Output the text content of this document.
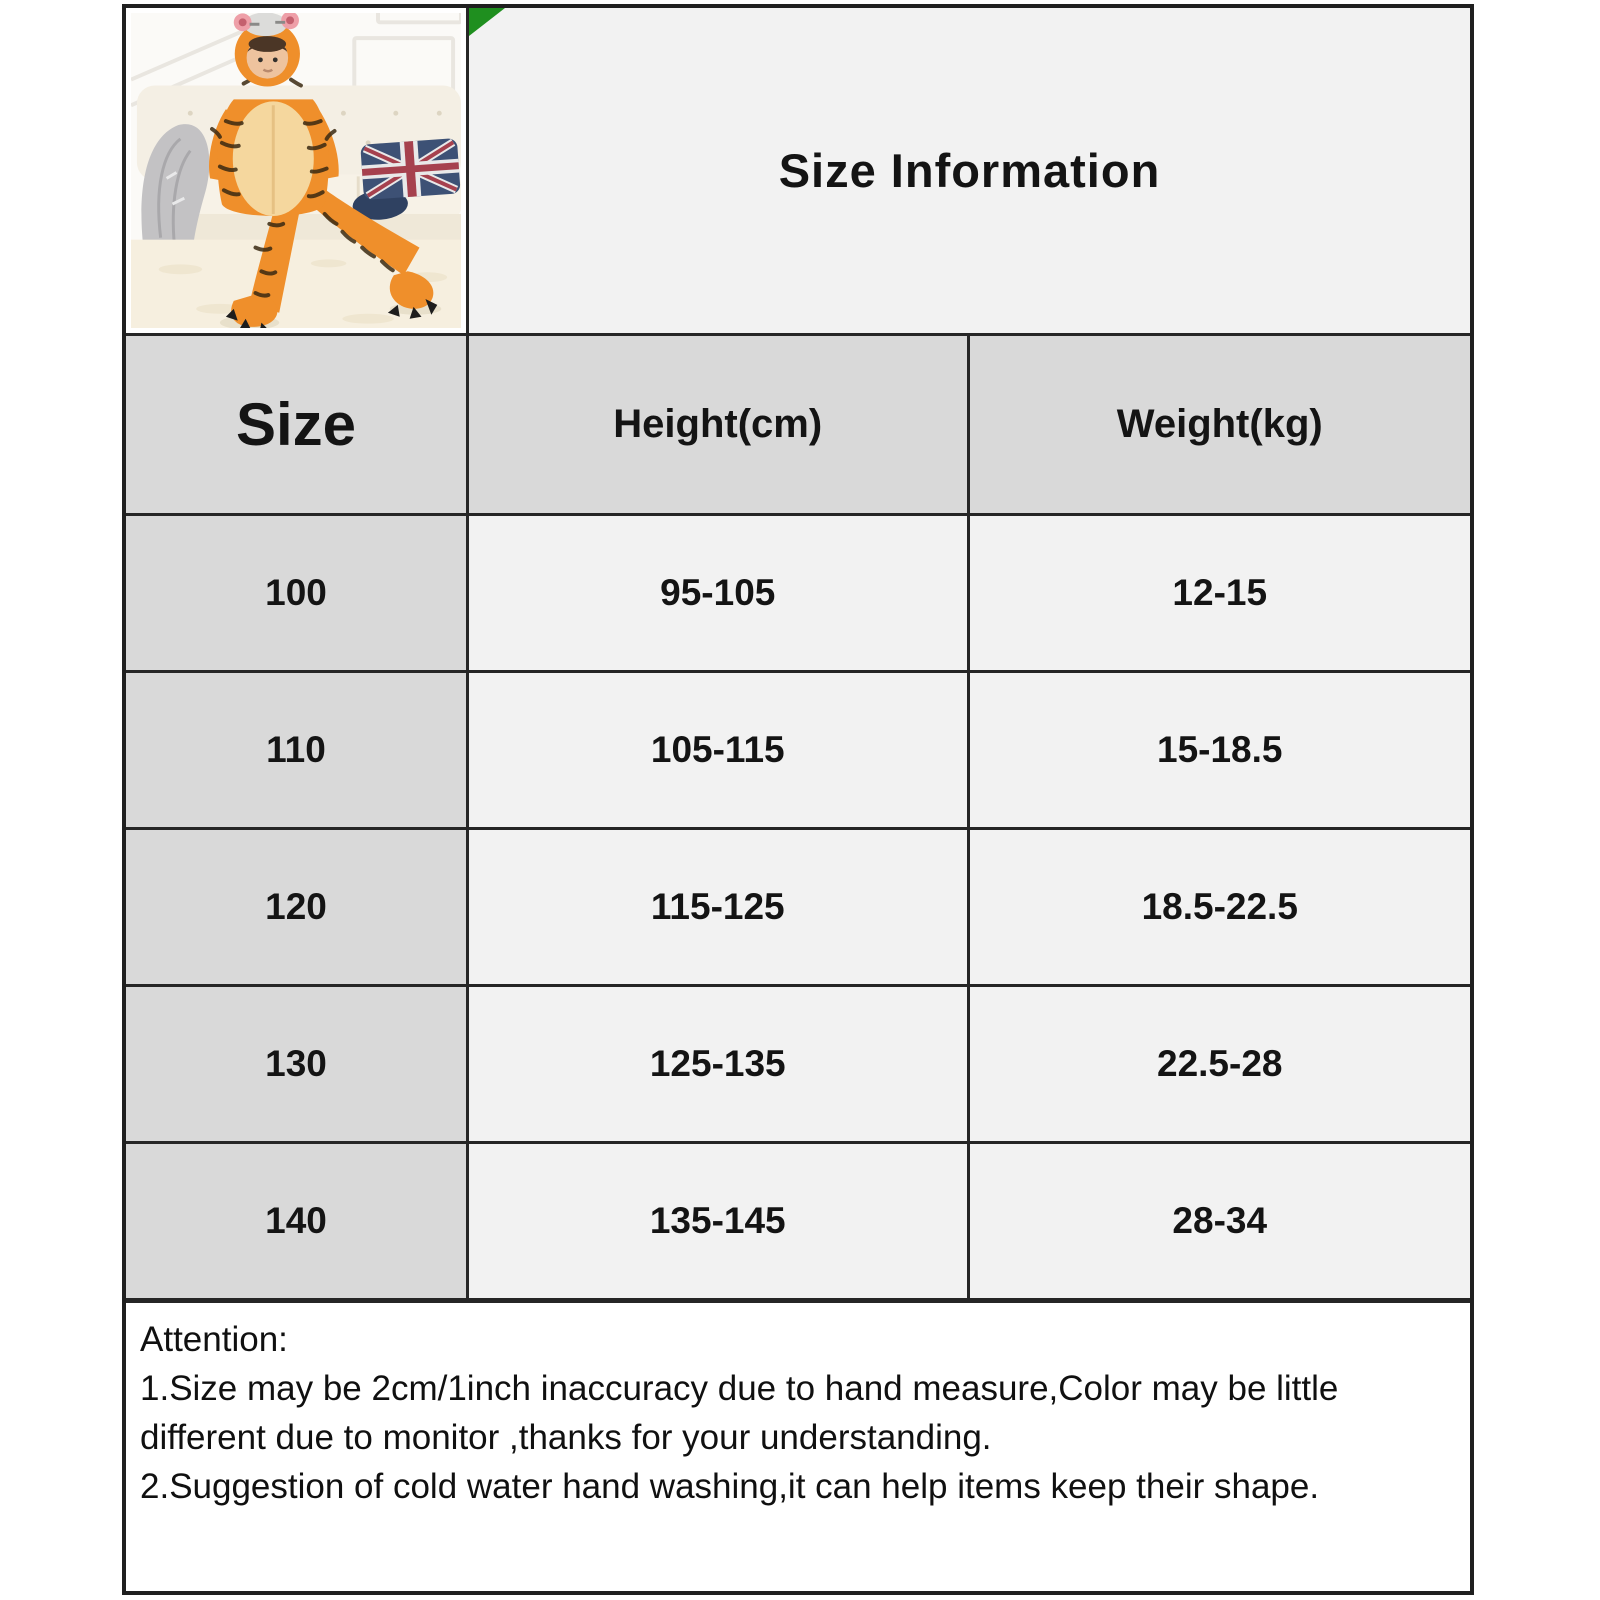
Size Information
Size	Height(cm)	Weight(kg)
100	95-105	12-15
110	105-115	15-18.5
120	115-125	18.5-22.5
130	125-135	22.5-28
140	135-145	28-34
Attention:
1.Size may be 2cm/1inch inaccuracy due to hand measure,Color may be little
different due to monitor ,thanks for your understanding.
2.Suggestion of cold water hand washing,it can help items keep their shape.
